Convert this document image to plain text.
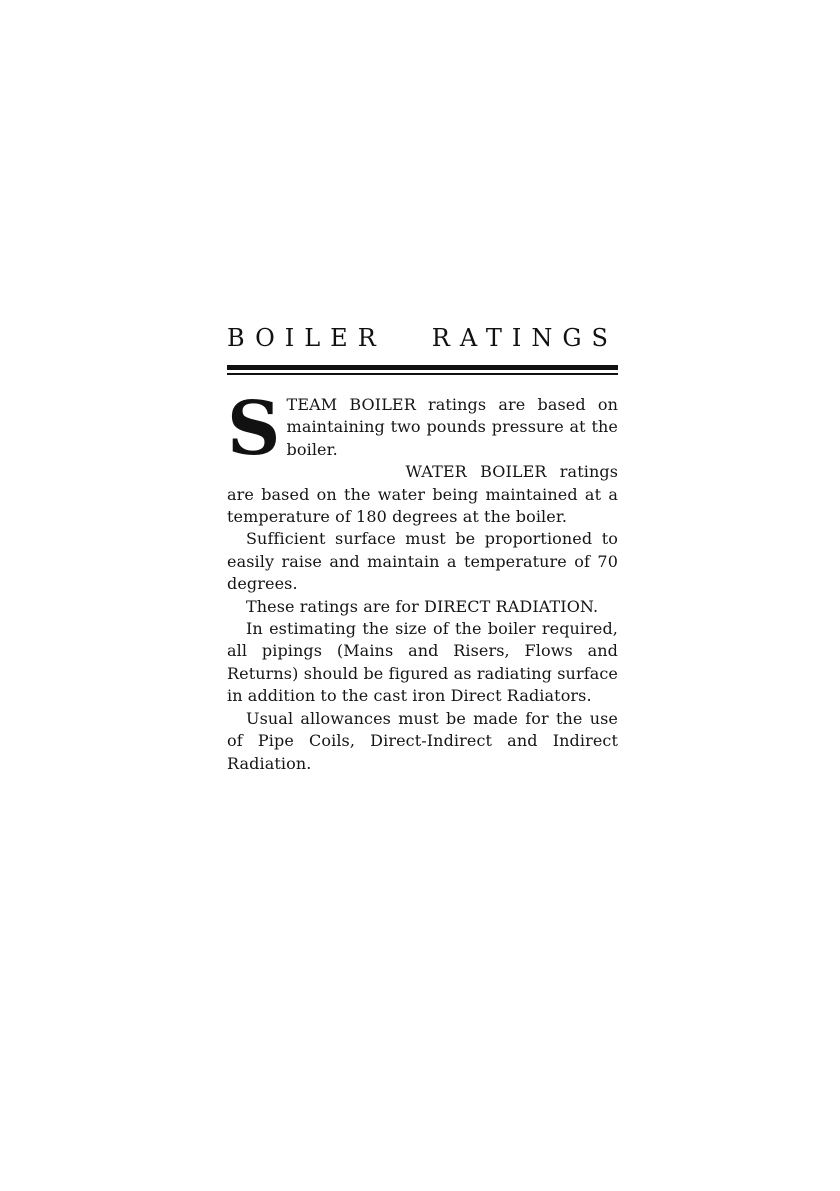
BOILER RATINGS

STEAM BOILER ratings are based on maintaining two pounds pressure at the boiler.

WATER BOILER ratings are based on the water being maintained at a temperature of 180 degrees at the boiler.

Sufficient surface must be proportioned to easily raise and maintain a temperature of 70 degrees.

These ratings are for DIRECT RADIATION.

In estimating the size of the boiler required, all pipings (Mains and Risers, Flows and Returns) should be figured as radiating surface in addition to the cast iron Direct Radiators.

Usual allowances must be made for the use of Pipe Coils, Direct-Indirect and Indirect Radiation.
